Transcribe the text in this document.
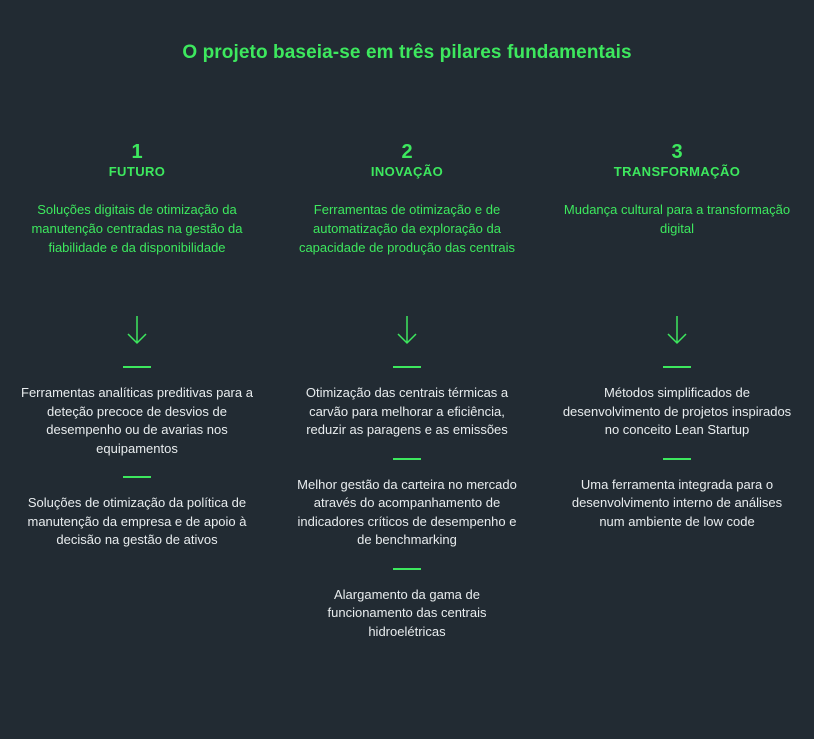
O projeto baseia-se em três pilares fundamentais
1
FUTURO
Soluções digitais de otimização da manutenção centradas na gestão da fiabilidade e da disponibilidade
Ferramentas analíticas preditivas para a deteção precoce de desvios de desempenho ou de avarias nos equipamentos
Soluções de otimização da política de manutenção da empresa e de apoio à decisão na gestão de ativos
2
INOVAÇÃO
Ferramentas de otimização e de automatização da exploração da capacidade de produção das centrais
Otimização das centrais térmicas a carvão para melhorar a eficiência, reduzir as paragens e as emissões
Melhor gestão da carteira no mercado através do acompanhamento de indicadores críticos de desempenho e de benchmarking
Alargamento da gama de funcionamento das centrais hidroelétricas
3
TRANSFORMAÇÃO
Mudança cultural para a transformação digital
Métodos simplificados de desenvolvimento de projetos inspirados no conceito Lean Startup
Uma ferramenta integrada para o desenvolvimento interno de análises num ambiente de low code
